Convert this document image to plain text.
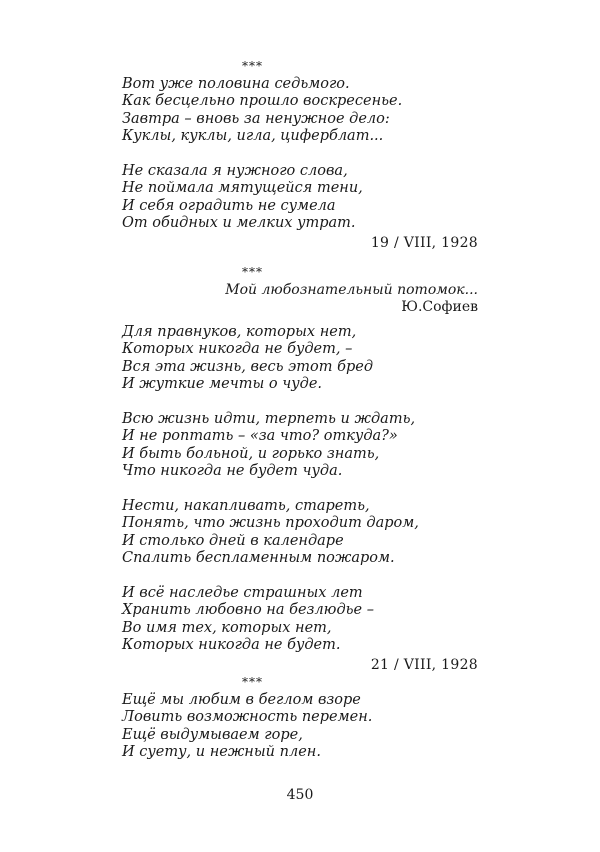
***
Вот уже половина седьмого.
Как бесцельно прошло воскресенье.
Завтра – вновь за ненужное дело:
Куклы, куклы, игла, циферблат...
Не сказала я нужного слова,
Не поймала мятущейся тени,
И себя оградить не сумела
От обидных и мелких утрат.
19 / VIII, 1928
***
Мой любознательный потомок...
Ю.Софиев
Для правнуков, которых нет,
Которых никогда не будет, –
Вся эта жизнь, весь этот бред
И жуткие мечты о чуде.
Всю жизнь идти, терпеть и ждать,
И не роптать – «за что? откуда?»
И быть больной, и горько знать,
Что никогда не будет чуда.
Нести, накапливать, стареть,
Понять, что жизнь проходит даром,
И столько дней в календаре
Спалить беспламенным пожаром.
И всё наследье страшных лет
Хранить любовно на безлюдье –
Во имя тех, которых нет,
Которых никогда не будет.
21 / VIII, 1928
***
Ещё мы любим в беглом взоре
Ловить возможность перемен.
Ещё выдумываем горе,
И суету, и нежный плен.
450
